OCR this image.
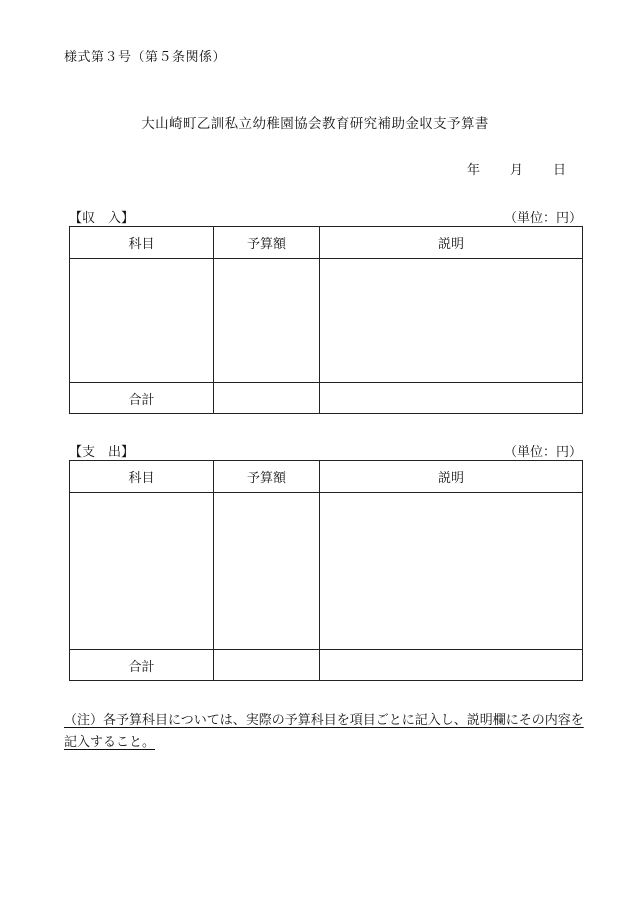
様式第３号（第５条関係）
大山崎町乙訓私立幼稚園協会教育研究補助金収支予算書
年 月 日
【収　入】	（単位：円）
科目	予算額	説明

合計		
【支　出】	（単位：円）
科目	予算額	説明

合計		
（注）各予算科目については、実際の予算科目を項目ごとに記入し、説明欄にその内容を記入すること。
